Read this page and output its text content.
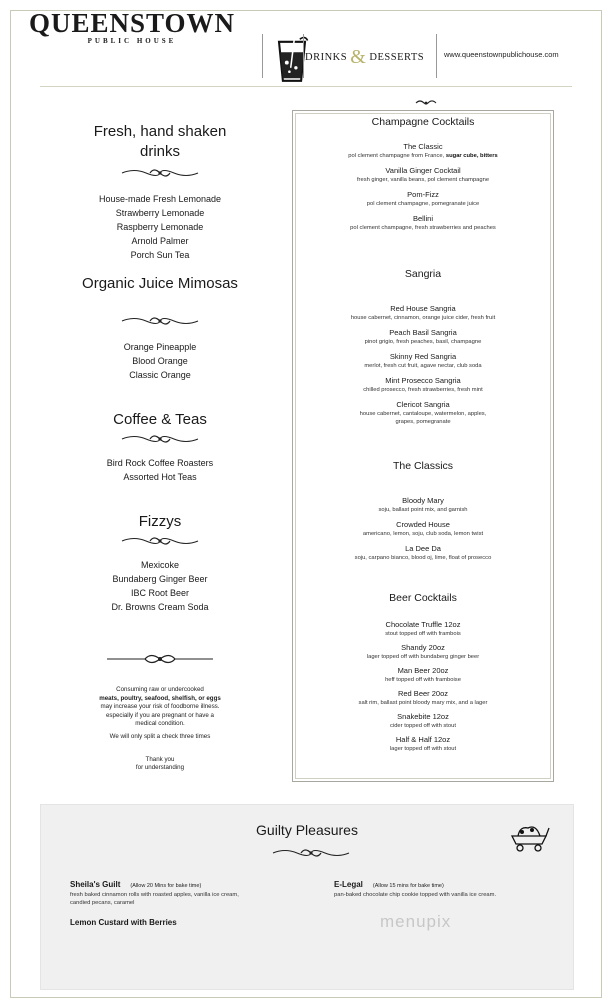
QUEENSTOWN
PUBLIC HOUSE
DRINKS & DESSERTS	www.queenstownpublichouse.com
Fresh, hand shaken
drinks
House-made Fresh Lemonade
Strawberry Lemonade
Raspberry Lemonade
Arnold Palmer
Porch Sun Tea
Organic Juice Mimosas
Orange Pineapple
Blood Orange
Classic Orange
Coffee & Teas
Bird Rock Coffee Roasters
Assorted Hot Teas
Fizzys
Mexicoke
Bundaberg Ginger Beer
IBC Root Beer
Dr. Browns Cream Soda
Consuming raw or undercooked
meats, poultry, seafood, shelfish, or eggs
may increase your risk of foodborne illness.
especially if you are pregnant or have a
medical condition.
We will only split a check three times
Thank you
for understanding
Champagne Cocktails
The Classic
pol clement champagne from France, sugar cube, bitters
Vanilla Ginger Cocktail
fresh ginger, vanilla beans, pol clement champagne
Pom-Fizz
pol clement champagne, pomegranate juice
Bellini
pol clement champagne, fresh strawberries and peaches
Sangria
Red House Sangria
house cabernet, cinnamon, orange juice cider, fresh fruit
Peach Basil Sangria
pinot grigio, fresh peaches, basil, champagne
Skinny Red Sangria
merlot, fresh cut fruit, agave nectar, club soda
Mint Prosecco Sangria
chilled prosecco, fresh strawberries, fresh mint
Clericot Sangria
house cabernet, cantaloupe, watermelon, apples,
grapes, pomegranate
The Classics
Bloody Mary
soju, ballast point mix, and garnish
Crowded House
americano, lemon, soju, club soda, lemon twist
La Dee Da
soju, carpano bianco, blood oj, lime, float of prosecco
Beer Cocktails
Chocolate Truffle 12oz
stout topped off with frambois
Shandy 20oz
lager topped off with bundaberg ginger beer
Man Beer 20oz
heff topped off with framboise
Red Beer 20oz
salt rim, ballast point bloody mary mix, and a lager
Snakebite 12oz
cider topped off with stout
Half & Half 12oz
lager topped off with stout
Guilty Pleasures
Sheila's Guilt (Allow 20 Mins for bake time)
fresh baked cinnamon rolls with roasted apples, vanilla ice cream,
candied pecans, caramel
Lemon Custard with Berries
E-Legal (Allow 15 mins for bake time)
pan-baked chocolate chip cookie topped with vanilla ice cream.
menupix
